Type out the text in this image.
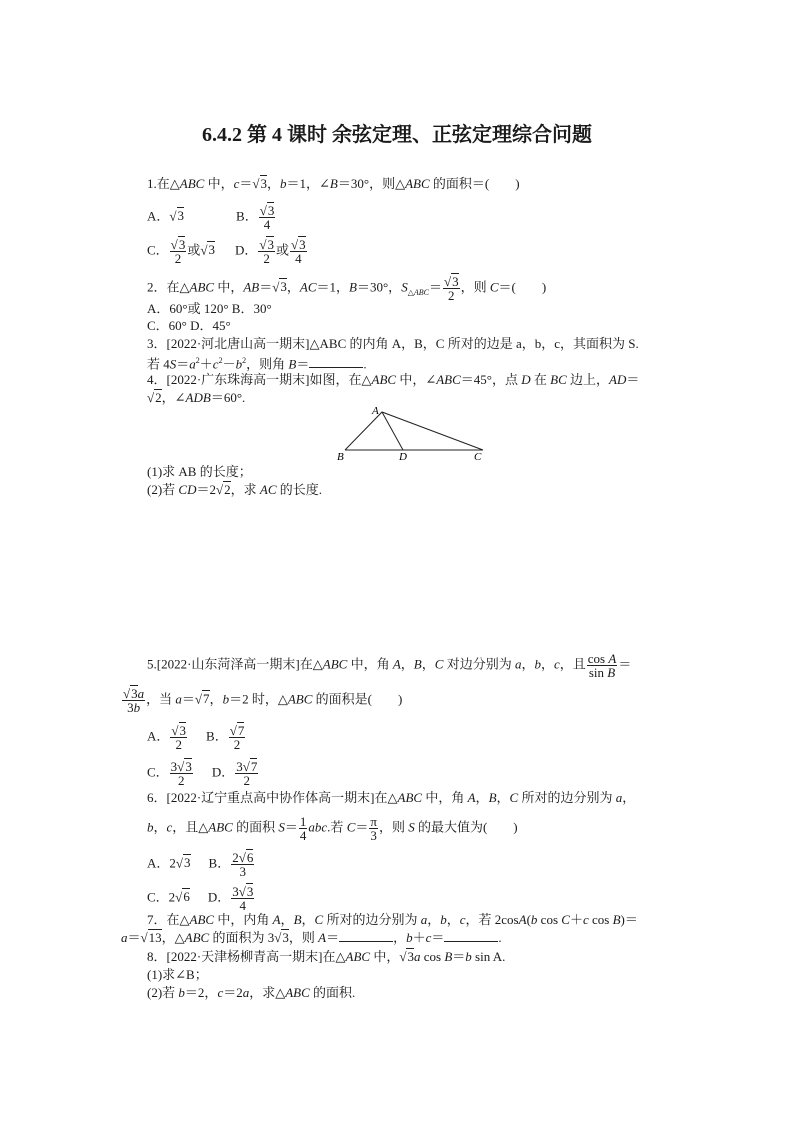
6.4.2 第 4 课时 余弦定理、正弦定理综合问题
1.在△ABC 中，c＝√3，b＝1，∠B＝30°，则△ABC 的面积＝(　　)
A．√3	B． $\frac{√3}{4}$
C． $\frac{√3}{2}$ 或√3 D． $\frac{√3}{2}$ 或 $\frac{√3}{4}$
2．在△ABC 中，AB＝√3，AC＝1，B＝30°，$S_{\triangle ABC}= \frac{√3}{2}$ ，则 C＝(　　)
A．60°或 120° B．30°
C．60° D．45°
3．[2022·河北唐山高一期末]△ABC 的内角 A，B，C 所对的边是 a，b，c，其面积为 S.
若 $4S=a^2+c^2-b^2$，则角 B＝	.
4．[2022·广东珠海高一期末]如图，在△ABC 中，∠ABC＝45°，点 D 在 BC 边上，AD＝
√2，∠ADB＝60°.
A
B	D	C
(1)求 AB 的长度；
(2)若 CD＝2√2，求 AC 的长度.
5.[2022·山东菏泽高一期末]在△ABC 中，角 A，B，C 对边分别为 a，b，c，且 $\frac{\text{cos A}}{\text{sin B}}$ ＝
$\frac{√3a}{3b}$ ，当 a＝√7，b＝2 时，△ABC 的面积是(　　)
A． $\frac{√3}{2}$ B． $\frac{√7}{2}$
C． $\frac{3√3}{2}$ D． $\frac{3√7}{2}$
6．[2022·辽宁重点高中协作体高一期末]在△ABC 中，角 A，B，C 所对的边分别为 a，
b，c，且△ABC 的面积 $S= \frac{1}{4}$ abc.若 $C= \frac{\pi}{3}$ ，则 S 的最大值为(　　)
A．2√3 B． $\frac{2√6}{3}$
C．2√6 D． $\frac{3√3}{4}$
7．在△ABC 中，内角 A，B，C 所对的边分别为 a，b，c，若 2cosA(b cos C＋c cos B)＝
a＝√13，△ABC 的面积为 3√3，则 A＝	，b＋c＝	.
8．[2022·天津杨柳青高一期末]在△ABC 中，√3a cos B＝b sin A.
(1)求∠B；
(2)若 b＝2，c＝2a，求△ABC 的面积.
